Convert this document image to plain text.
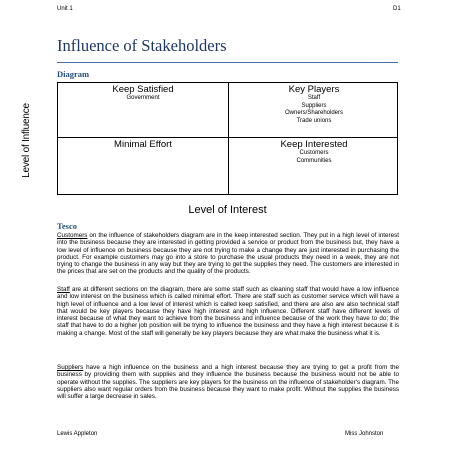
Unit 1	D1
Influence of Stakeholders
Diagram
Level of Influence
Keep Satisfied
Government
Key Players
Staff
Suppliers
Owners/Shareholders
Trade unions
Minimal Effort	Keep Interested
Customers
Communities
Level of Interest
Tesco
Customers on the influence of stakeholders diagram are in the keep interested section. They put in a high level of interest into the business because they are interested in getting provided a service or product from the business but, they have a low level of influence on business because they are not trying to make a change they are just interested in purchasing the product. For example customers may go into a store to purchase the usual products they need in a week, they are not trying to change the business in any way but they are trying to get the supplies they need. The customers are interested in the prices that are set on the products and the quality of the products.
Staff are at different sections on the diagram, there are some staff such as cleaning staff that would have a low influence and low interest on the business which is called minimal effort. There are staff such as customer service which will have a high level of influence and a low level of interest which is called keep satisfied, and there are also are also technical staff that would be key players because they have high interest and high influence. Different staff have different levels of interest because of what they want to achieve from the business and influence because of the work they have to do; the staff that have to do a higher job position will be trying to influence the business and they have a high interest because it is making a change. Most of the staff will generally be key players because they are what make the business what it is.
Suppliers have a high influence on the business and a high interest because they are trying to get a profit from the business by providing them with supplies and they influence the business because the business would not be able to operate without the supplies. The suppliers are key players for the business on the influence of stakeholder's diagram. The suppliers also want regular orders from the business because they want to make profit. Without the supplies the business will suffer a large decrease in sales.
Lewis Appleton	Miss Johnston
